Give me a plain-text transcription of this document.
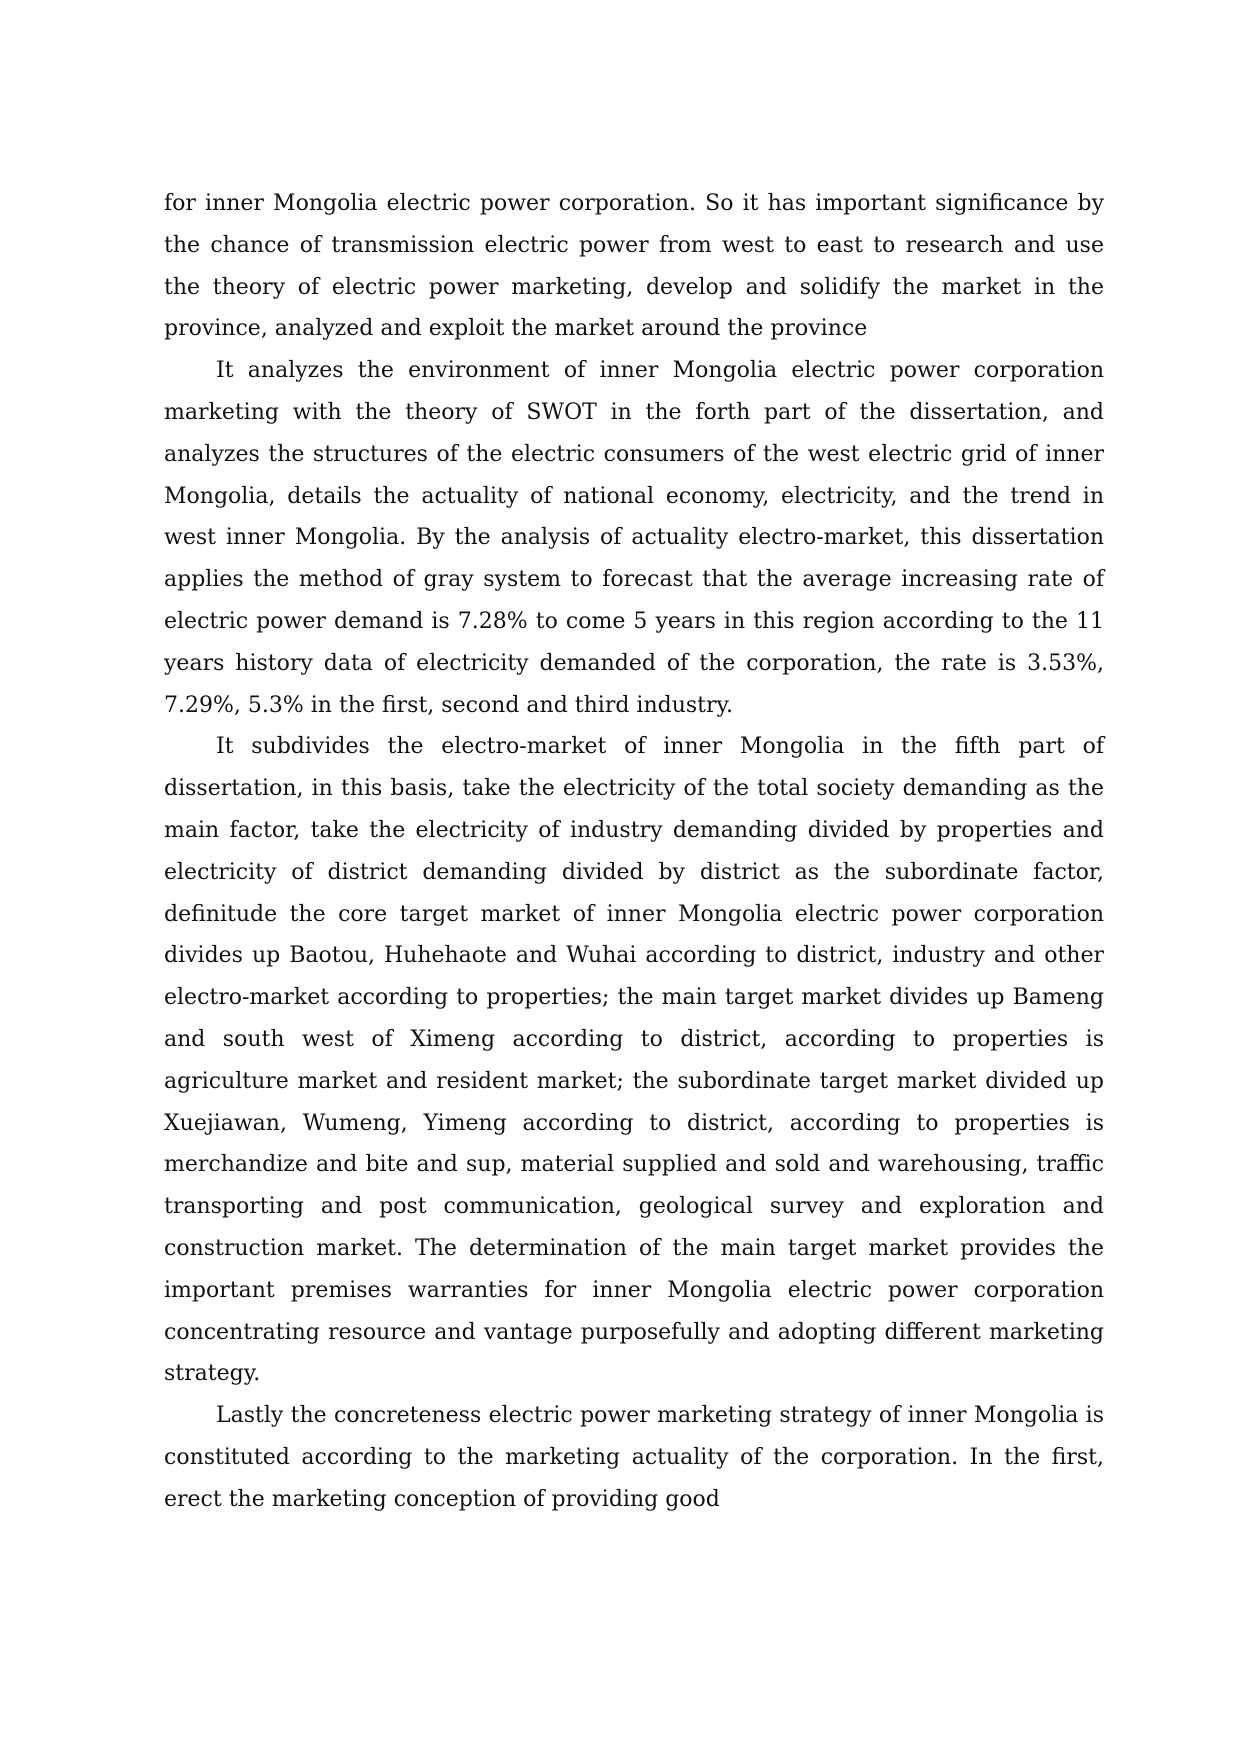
for inner Mongolia electric power corporation. So it has important significance by the chance of transmission electric power from west to east to research and use the theory of electric power marketing, develop and solidify the market in the province, analyzed and exploit the market around the province

It analyzes the environment of inner Mongolia electric power corporation marketing with the theory of SWOT in the forth part of the dissertation, and analyzes the structures of the electric consumers of the west electric grid of inner Mongolia, details the actuality of national economy, electricity, and the trend in west inner Mongolia. By the analysis of actuality electro-market, this dissertation applies the method of gray system to forecast that the average increasing rate of electric power demand is 7.28% to come 5 years in this region according to the 11 years history data of electricity demanded of the corporation, the rate is 3.53%, 7.29%, 5.3% in the first, second and third industry.

It subdivides the electro-market of inner Mongolia in the fifth part of dissertation, in this basis, take the electricity of the total society demanding as the main factor, take the electricity of industry demanding divided by properties and electricity of district demanding divided by district as the subordinate factor, definitude the core target market of inner Mongolia electric power corporation divides up Baotou, Huhehaote and Wuhai according to district, industry and other electro-market according to properties; the main target market divides up Bameng and south west of Ximeng according to district, according to properties is agriculture market and resident market; the subordinate target market divided up Xuejiawan, Wumeng, Yimeng according to district, according to properties is merchandize and bite and sup, material supplied and sold and warehousing, traffic transporting and post communication, geological survey and exploration and construction market. The determination of the main target market provides the important premises warranties for inner Mongolia electric power corporation concentrating resource and vantage purposefully and adopting different marketing strategy.

Lastly the concreteness electric power marketing strategy of inner Mongolia is constituted according to the marketing actuality of the corporation. In the first, erect the marketing conception of providing good
